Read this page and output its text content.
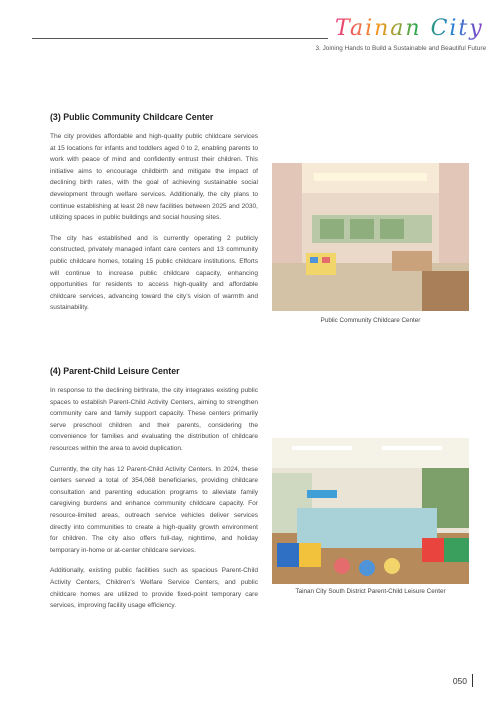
Tainan City
3. Joining Hands to Build a Sustainable and Beautiful Future
(3) Public Community Childcare Center

The city provides affordable and high-quality public childcare services at 15 locations for infants and toddlers aged 0 to 2, enabling parents to work with peace of mind and confidently entrust their children. This initiative aims to encourage childbirth and mitigate the impact of declining birth rates, with the goal of achieving sustainable social development through welfare services. Additionally, the city plans to continue establishing at least 28 new facilities between 2025 and 2030, utilizing spaces in public buildings and social housing sites.

The city has established and is currently operating 2 publicly constructed, privately managed infant care centers and 13 community public childcare homes, totaling 15 public childcare institutions. Efforts will continue to increase public childcare capacity, enhancing opportunities for residents to access high-quality and affordable childcare services, advancing toward the city’s vision of warmth and sustainability.

Public Community Childcare Center
(4) Parent-Child Leisure Center

In response to the declining birthrate, the city integrates existing public spaces to establish Parent-Child Activity Centers, aiming to strengthen community care and family support capacity. These centers primarily serve preschool children and their parents, considering the convenience for families and evaluating the distribution of childcare resources within the area to avoid duplication.

Currently, the city has 12 Parent-Child Activity Centers. In 2024, these centers served a total of 354,068 beneficiaries, providing childcare consultation and parenting education programs to alleviate family caregiving burdens and enhance community childcare capacity. For resource-limited areas, outreach service vehicles deliver services directly into communities to create a high-quality growth environment for children. The city also offers full-day, nighttime, and holiday temporary in-home or at-center childcare services.

Additionally, existing public facilities such as spacious Parent-Child Activity Centers, Children’s Welfare Service Centers, and public childcare homes are utilized to provide fixed-point temporary care services, improving facility usage efficiency.

Tainan City South District Parent-Child Leisure Center
050
